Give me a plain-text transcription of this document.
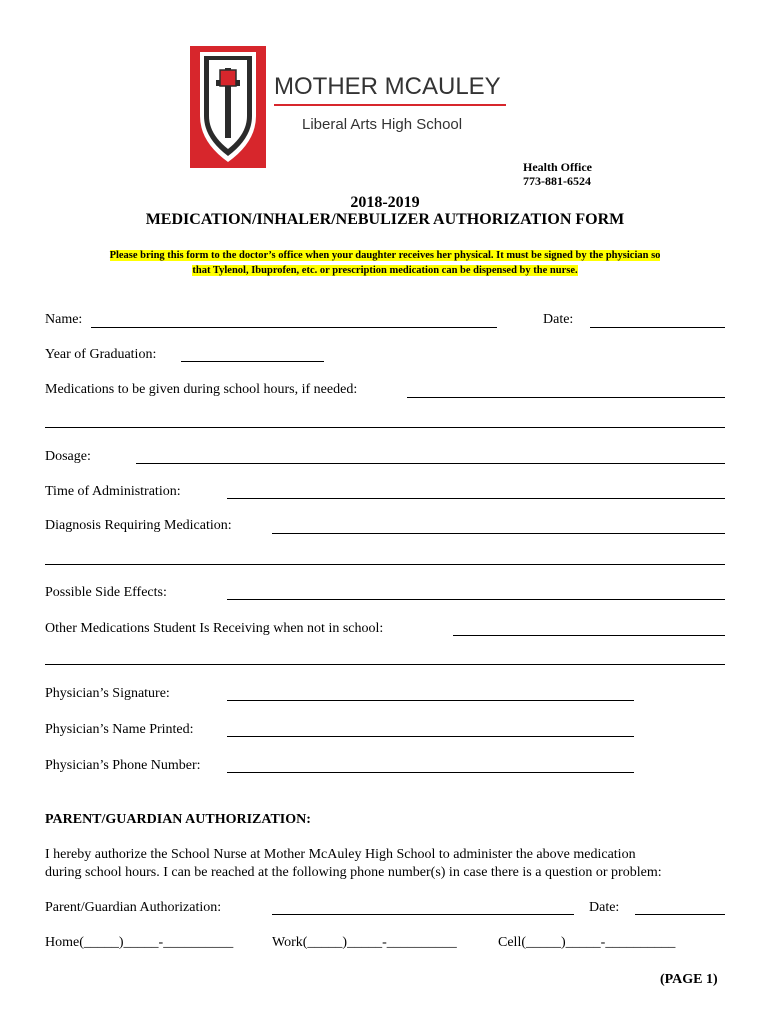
MOTHER MCAULEY
Liberal Arts High School
Health Office
773-881-6524
2018-2019
MEDICATION/INHALER/NEBULIZER AUTHORIZATION FORM
Please bring this form to the doctor’s office when your daughter receives her physical. It must be signed by the physician so
that Tylenol, Ibuprofen, etc. or prescription medication can be dispensed by the nurse.
Name:	Date:
Year of Graduation:
Medications to be given during school hours, if needed:
Dosage:
Time of Administration:
Diagnosis Requiring Medication:
Possible Side Effects:
Other Medications Student Is Receiving when not in school:
Physician’s Signature:
Physician’s Name Printed:
Physician’s Phone Number:
PARENT/GUARDIAN AUTHORIZATION:
I hereby authorize the School Nurse at Mother McAuley High School to administer the above medication
during school hours. I can be reached at the following phone number(s) in case there is a question or problem:
Parent/Guardian Authorization:	Date:
Home(_____)_____-__________	Work(_____)_____-__________	Cell(_____)_____-__________
(PAGE 1)
